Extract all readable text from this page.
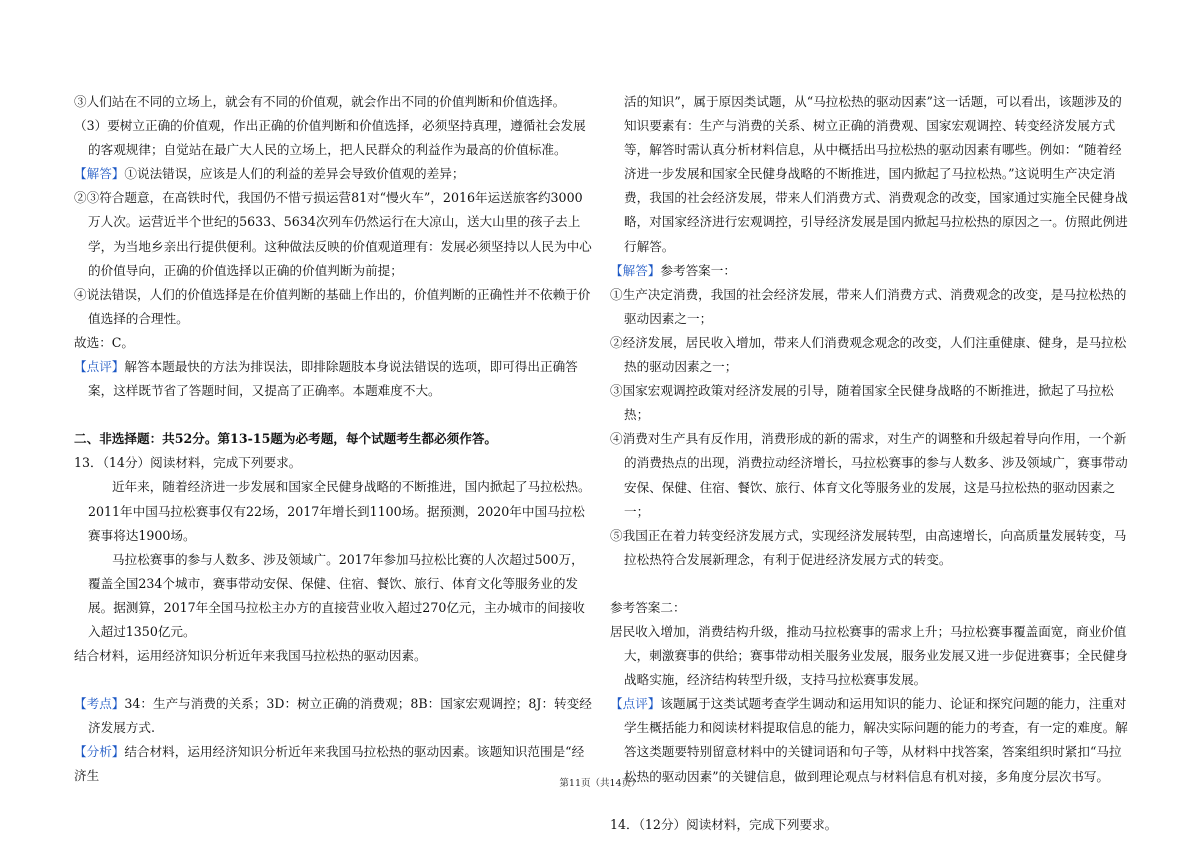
③人们站在不同的立场上，就会有不同的价值观，就会作出不同的价值判断和价值选择。

（3）要树立正确的价值观，作出正确的价值判断和价值选择，必须坚持真理，遵循社会发展的客观规律；自觉站在最广大人民的立场上，把人民群众的利益作为最高的价值标准。

【解答】①说法错误，应该是人们的利益的差异会导致价值观的差异；

②③符合题意，在高铁时代，我国仍不惜亏损运营81对“慢火车”，2016年运送旅客约3000万人次。运营近半个世纪的5633、5634次列车仍然运行在大凉山，送大山里的孩子去上学，为当地乡亲出行提供便利。这种做法反映的价值观道理有：发展必须坚持以人民为中心的价值导向，正确的价值选择以正确的价值判断为前提；

④说法错误，人们的价值选择是在价值判断的基础上作出的，价值判断的正确性并不依赖于价值选择的合理性。

故选：C。

【点评】解答本题最快的方法为排误法，即排除题肢本身说法错误的选项，即可得出正确答案，这样既节省了答题时间，又提高了正确率。本题难度不大。

二、非选择题：共52分。第13-15题为必考题，每个试题考生都必须作答。

13．（14分）阅读材料，完成下列要求。

近年来，随着经济进一步发展和国家全民健身战略的不断推进，国内掀起了马拉松热。2011年中国马拉松赛事仅有22场，2017年增长到1100场。据预测，2020年中国马拉松赛事将达1900场。

马拉松赛事的参与人数多、涉及领域广。2017年参加马拉松比赛的人次超过500万，覆盖全国234个城市，赛事带动安保、保健、住宿、餐饮、旅行、体育文化等服务业的发展。据测算，2017年全国马拉松主办方的直接营业收入超过270亿元，主办城市的间接收入超过1350亿元。

结合材料，运用经济知识分析近年来我国马拉松热的驱动因素。

【考点】34：生产与消费的关系；3D：树立正确的消费观；8B：国家宏观调控；8J：转变经济发展方式.

【分析】结合材料，运用经济知识分析近年来我国马拉松热的驱动因素。该题知识范围是“经济生

活的知识”，属于原因类试题，从“马拉松热的驱动因素”这一话题，可以看出，该题涉及的知识要素有：生产与消费的关系、树立正确的消费观、国家宏观调控、转变经济发展方式等，解答时需认真分析材料信息，从中概括出马拉松热的驱动因素有哪些。例如：“随着经济进一步发展和国家全民健身战略的不断推进，国内掀起了马拉松热。”这说明生产决定消费，我国的社会经济发展，带来人们消费方式、消费观念的改变，国家通过实施全民健身战略，对国家经济进行宏观调控，引导经济发展是国内掀起马拉松热的原因之一。仿照此例进行解答。

【解答】参考答案一：

①生产决定消费，我国的社会经济发展，带来人们消费方式、消费观念的改变，是马拉松热的驱动因素之一；

②经济发展，居民收入增加，带来人们消费观念观念的改变，人们注重健康、健身，是马拉松热的驱动因素之一；

③国家宏观调控政策对经济发展的引导，随着国家全民健身战略的不断推进，掀起了马拉松热；

④消费对生产具有反作用，消费形成的新的需求，对生产的调整和升级起着导向作用，一个新的消费热点的出现，消费拉动经济增长，马拉松赛事的参与人数多、涉及领域广，赛事带动安保、保健、住宿、餐饮、旅行、体育文化等服务业的发展，这是马拉松热的驱动因素之一；

⑤我国正在着力转变经济发展方式，实现经济发展转型，由高速增长，向高质量发展转变，马拉松热符合发展新理念，有利于促进经济发展方式的转变。

参考答案二：

居民收入增加，消费结构升级，推动马拉松赛事的需求上升；马拉松赛事覆盖面宽，商业价值大，刺激赛事的供给；赛事带动相关服务业发展，服务业发展又进一步促进赛事；全民健身战略实施，经济结构转型升级，支持马拉松赛事发展。

【点评】该题属于这类试题考查学生调动和运用知识的能力、论证和探究问题的能力，注重对学生概括能力和阅读材料提取信息的能力，解决实际问题的能力的考查，有一定的难度。解答这类题要特别留意材料中的关键词语和句子等，从材料中找答案，答案组织时紧扣“马拉松热的驱动因素”的关键信息，做到理论观点与材料信息有机对接，多角度分层次书写。

14．（12分）阅读材料，完成下列要求。

第11页（共14页）
